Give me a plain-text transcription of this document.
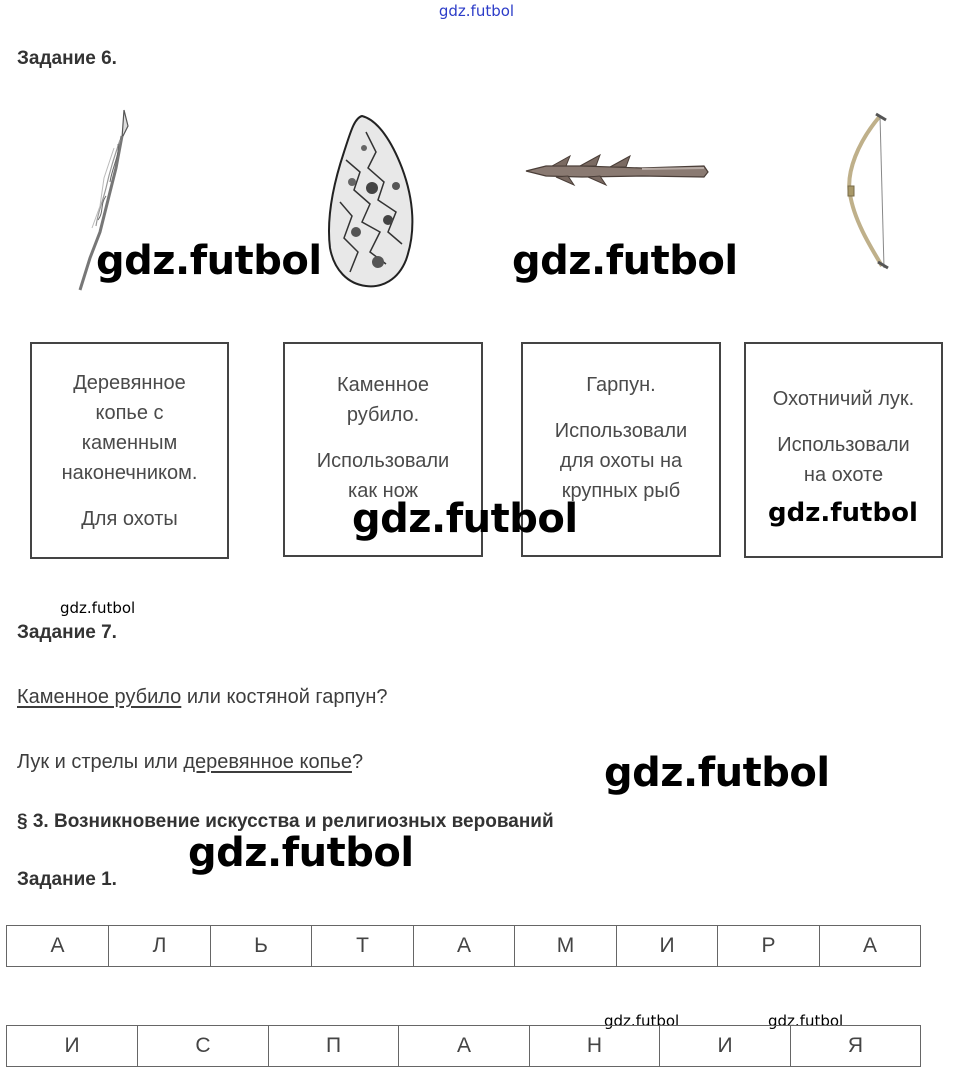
gdz.futbol
Задание 6.
gdz.futbol	gdz.futbol
Деревянное
копье с
каменным
наконечником.
Для охоты
Каменное
рубило.
Использовали
как нож
Гарпун.
Использовали
для охоты на
крупных рыб
Охотничий лук.
Использовали
на охоте
gdz.futbol	gdz.futbol
gdz.futbol
Задание 7.
Каменное рубило или костяной гарпун?
Лук и стрелы или деревянное копье?	gdz.futbol
§ 3. Возникновение искусства и религиозных верований
gdz.futbol
Задание 1.
А	Л	Ь	Т	А	М	И	Р	А
gdz.futbol	gdz.futbol
И	С	П	А	Н	И	Я
